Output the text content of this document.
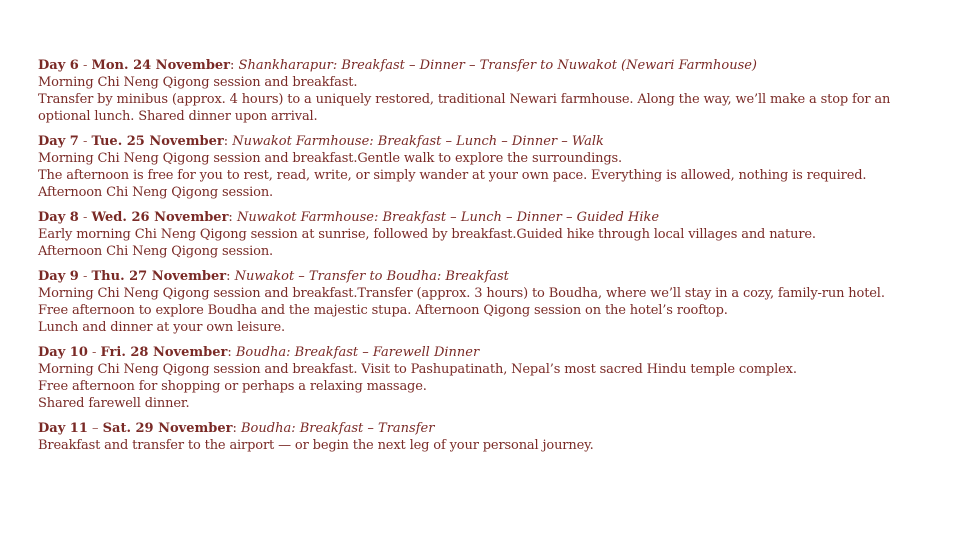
Day 6 - Mon. 24 November: Shankharapur: Breakfast – Dinner – Transfer to Nuwakot (Newari Farmhouse)
Morning Chi Neng Qigong session and breakfast.
Transfer by minibus (approx. 4 hours) to a uniquely restored, traditional Newari farmhouse. Along the way, we’ll make a stop for an
optional lunch. Shared dinner upon arrival.
Day 7 - Tue. 25 November: Nuwakot Farmhouse: Breakfast – Lunch – Dinner – Walk
Morning Chi Neng Qigong session and breakfast.Gentle walk to explore the surroundings.
The afternoon is free for you to rest, read, write, or simply wander at your own pace. Everything is allowed, nothing is required.
Afternoon Chi Neng Qigong session.
Day 8 - Wed. 26 November: Nuwakot Farmhouse: Breakfast – Lunch – Dinner – Guided Hike
Early morning Chi Neng Qigong session at sunrise, followed by breakfast.Guided hike through local villages and nature.
Afternoon Chi Neng Qigong session.
Day 9 - Thu. 27 November: Nuwakot – Transfer to Boudha: Breakfast
Morning Chi Neng Qigong session and breakfast.Transfer (approx. 3 hours) to Boudha, where we’ll stay in a cozy, family-run hotel.
Free afternoon to explore Boudha and the majestic stupa. Afternoon Qigong session on the hotel’s rooftop.
Lunch and dinner at your own leisure.
Day 10 - Fri. 28 November: Boudha: Breakfast – Farewell Dinner
Morning Chi Neng Qigong session and breakfast. Visit to Pashupatinath, Nepal’s most sacred Hindu temple complex.
Free afternoon for shopping or perhaps a relaxing massage.
Shared farewell dinner.
Day 11 – Sat. 29 November: Boudha: Breakfast – Transfer
Breakfast and transfer to the airport — or begin the next leg of your personal journey.
